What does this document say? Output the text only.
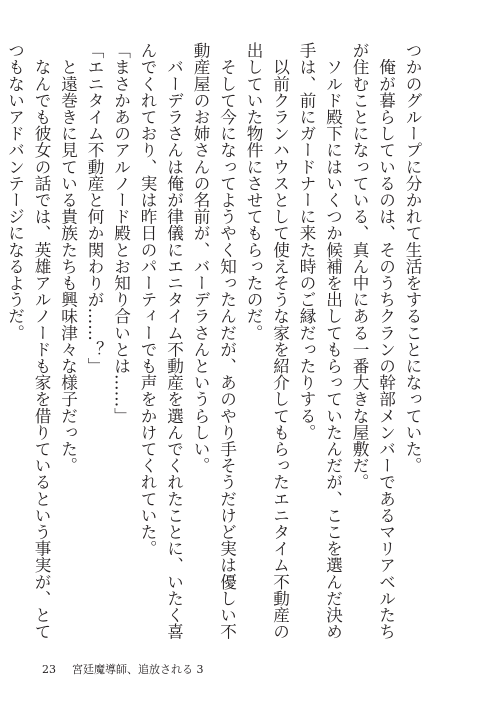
つかのグループに分かれて生活をすることになっていた。

　俺が暮らしているのは、そのうちクランの幹部メンバーであるマリアベルたちが住むことになっている、真ん中にある一番大きな屋敷だ。

　ソルド殿下にはいくつか候補を出してもらっていたんだが、ここを選んだ決め手は、前にガードナーに来た時のご縁だったりする。

　以前クランハウスとして使えそうな家を紹介してもらったエニタイム不動産の出していた物件にさせてもらったのだ。

　そして今になってようやく知ったんだが、あのやり手そうだけど実は優しい不動産屋のお姉さんの名前が、バーデラさんというらしい。

　バーデラさんは俺が律儀にエニタイム不動産を選んでくれたことに、いたく喜んでくれており、実は昨日のパーティーでも声をかけてくれていた。

「まさかあのアルノード殿とお知り合いとは……」

「エニタイム不動産と何か関わりが……？」

　と遠巻きに見ている貴族たちも興味津々な様子だった。

　なんでも彼女の話では、英雄アルノードも家を借りているという事実が、とてつもないアドバンテージになるようだ。

23 宮廷魔導師、追放される 3
